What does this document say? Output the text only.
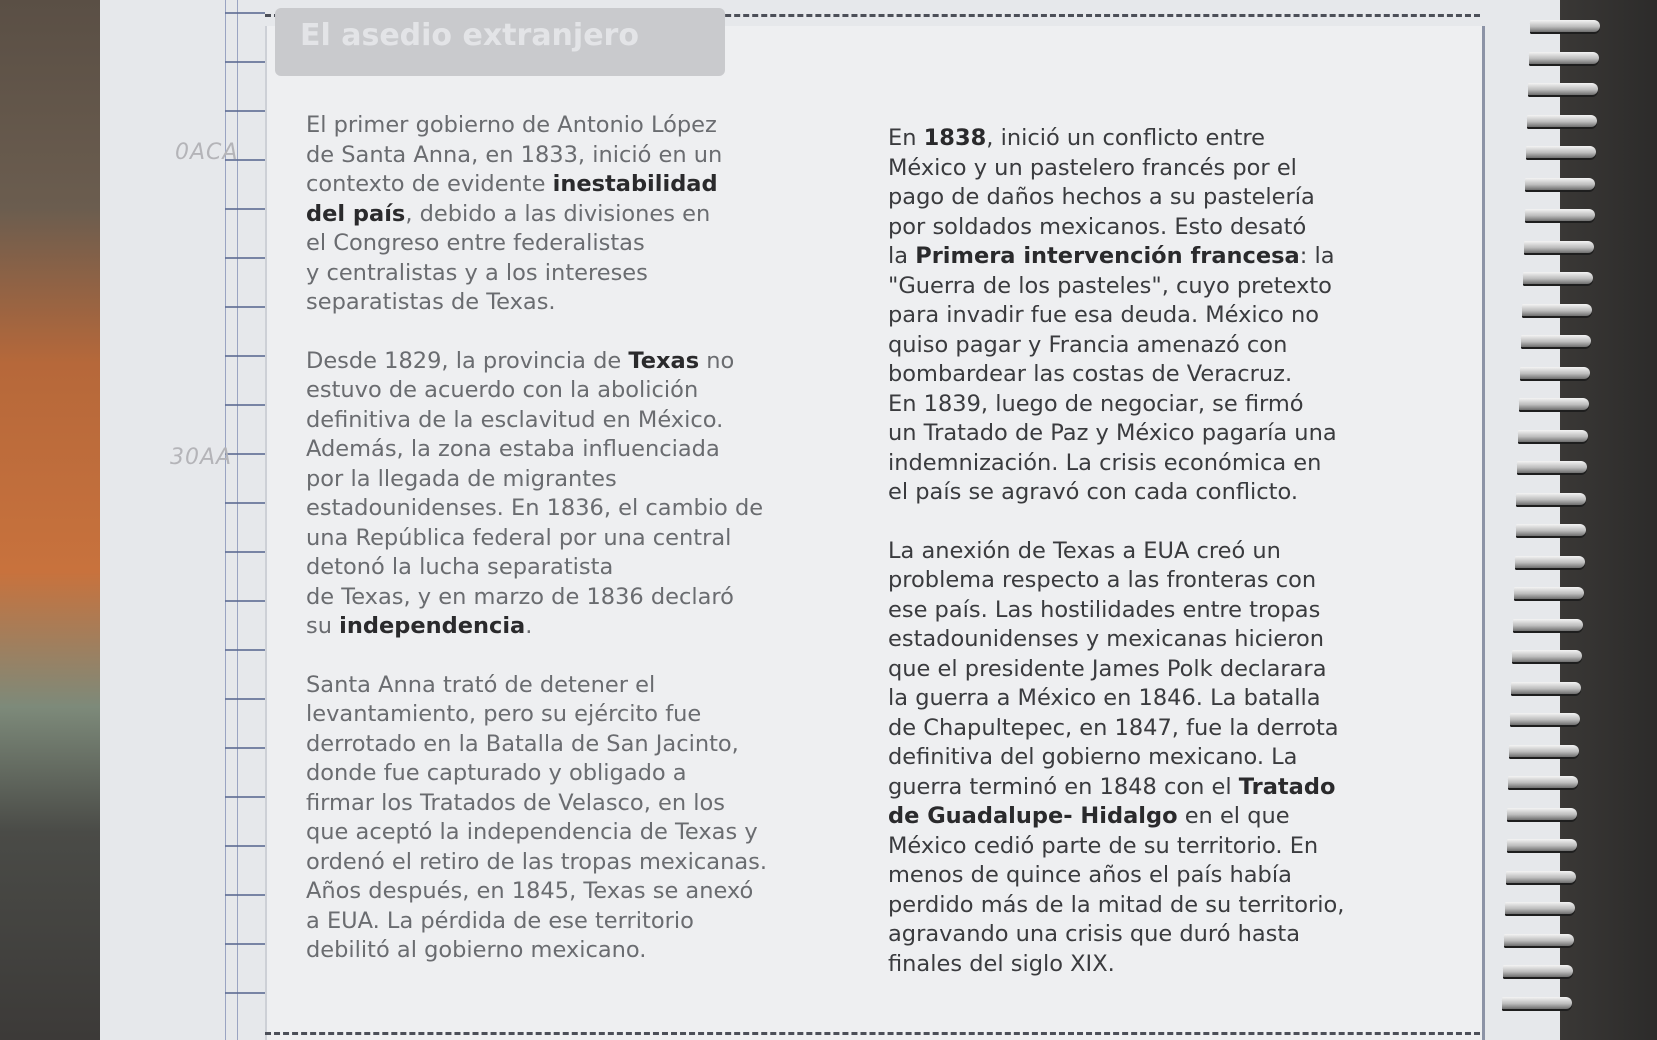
El asedio extranjero
0ACA
30AA

El primer gobierno de Antonio López
de Santa Anna, en 1833, inició en un
contexto de evidente inestabilidad
del país, debido a las divisiones en
el Congreso entre federalistas
y centralistas y a los intereses
separatistas de Texas.

Desde 1829, la provincia de Texas no
estuvo de acuerdo con la abolición
definitiva de la esclavitud en México.
Además, la zona estaba influenciada
por la llegada de migrantes
estadounidenses. En 1836, el cambio de
una República federal por una central
detonó la lucha separatista
de Texas, y en marzo de 1836 declaró
su independencia.

Santa Anna trató de detener el
levantamiento, pero su ejército fue
derrotado en la Batalla de San Jacinto,
donde fue capturado y obligado a
firmar los Tratados de Velasco, en los
que aceptó la independencia de Texas y
ordenó el retiro de las tropas mexicanas.
Años después, en 1845, Texas se anexó
a EUA. La pérdida de ese territorio
debilitó al gobierno mexicano.

En 1838, inició un conflicto entre
México y un pastelero francés por el
pago de daños hechos a su pastelería
por soldados mexicanos. Esto desató
la Primera intervención francesa: la
"Guerra de los pasteles", cuyo pretexto
para invadir fue esa deuda. México no
quiso pagar y Francia amenazó con
bombardear las costas de Veracruz.
En 1839, luego de negociar, se firmó
un Tratado de Paz y México pagaría una
indemnización. La crisis económica en
el país se agravó con cada conflicto.

La anexión de Texas a EUA creó un
problema respecto a las fronteras con
ese país. Las hostilidades entre tropas
estadounidenses y mexicanas hicieron
que el presidente James Polk declarara
la guerra a México en 1846. La batalla
de Chapultepec, en 1847, fue la derrota
definitiva del gobierno mexicano. La
guerra terminó en 1848 con el Tratado
de Guadalupe- Hidalgo en el que
México cedió parte de su territorio. En
menos de quince años el país había
perdido más de la mitad de su territorio,
agravando una crisis que duró hasta
finales del siglo XIX.
